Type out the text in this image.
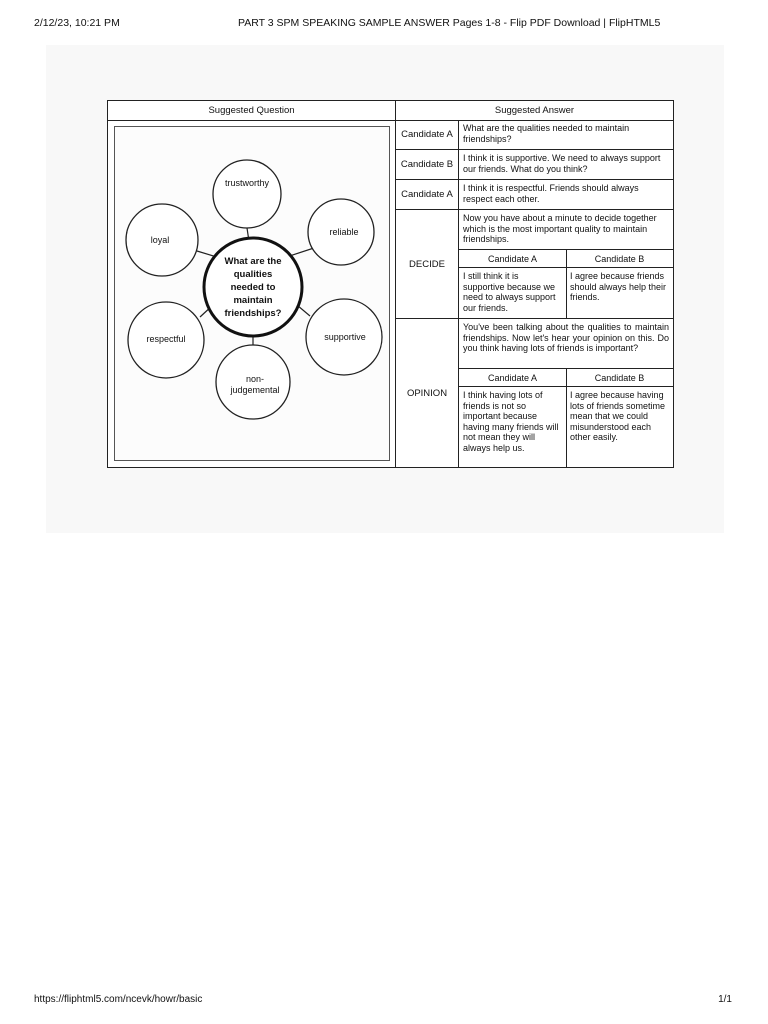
2/12/23, 10:21 PM	PART 3 SPM SPEAKING SAMPLE ANSWER Pages 1-8 - Flip PDF Download | FlipHTML5
Suggested Question
What are the
qualities
needed to
maintain
friendships?
trustworthy
reliable
loyal
respectful	supportive
non-
judgemental
Suggested Answer
Candidate A
What are the qualities needed to maintain friendships?
Candidate B
I think it is supportive. We need to always support our friends. What do you think?
Candidate A
I think it is respectful. Friends should always respect each other.
DECIDE
Now you have about a minute to decide together which is the most important quality to maintain friendships.
Candidate A	Candidate B
I still think it is supportive because we need to always support our friends.
I agree because friends should always help their friends.
OPINION
You've been talking about the qualities to maintain friendships. Now let's hear your opinion on this. Do you think having lots of friends is important?
Candidate A	Candidate B
I think having lots of friends is not so important because having many friends will not mean they will always help us.
I agree because having lots of friends sometime mean that we could misunderstood each other easily.
https://fliphtml5.com/ncevk/howr/basic	1/1
